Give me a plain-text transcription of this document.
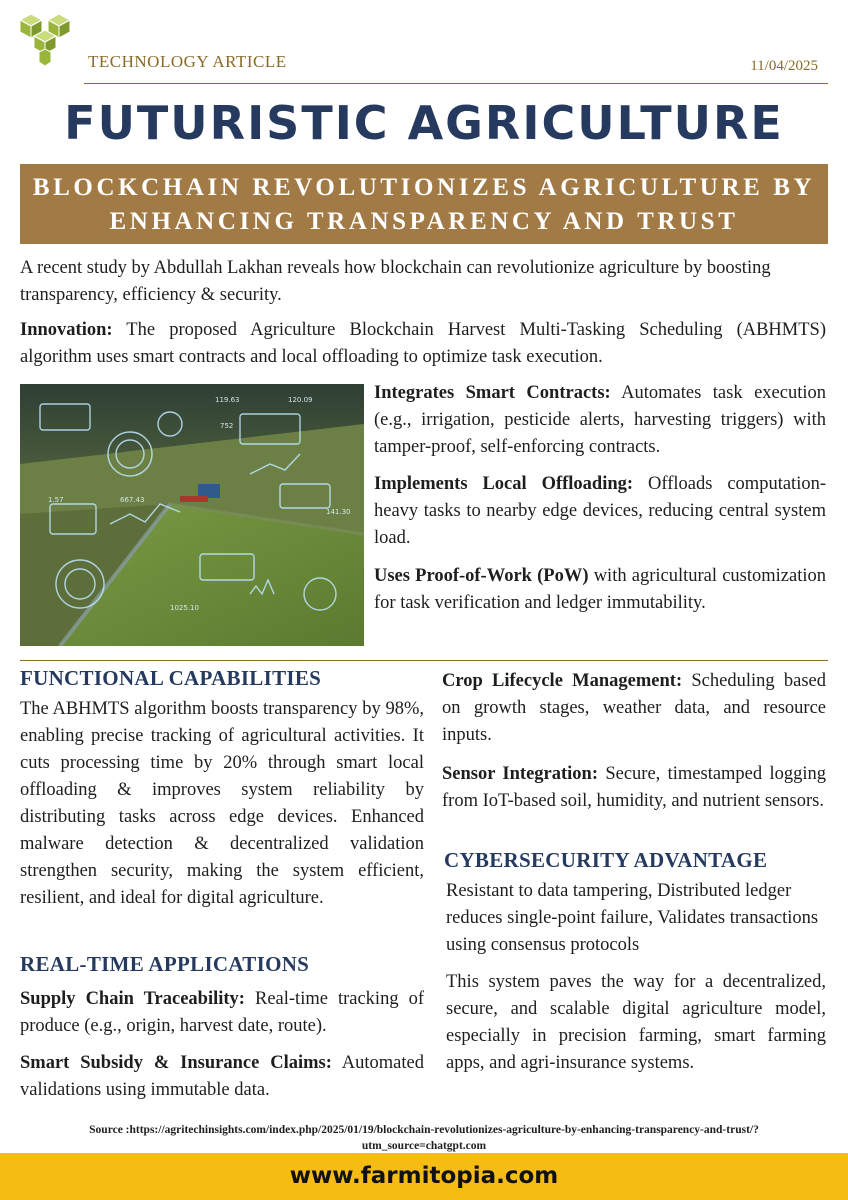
TECHNOLOGY ARTICLE	11/04/2025
FUTURISTIC AGRICULTURE
BLOCKCHAIN REVOLUTIONIZES AGRICULTURE BY
ENHANCING TRANSPARENCY AND TRUST

A recent study by Abdullah Lakhan reveals how blockchain can revolutionize agriculture by boosting transparency, efficiency & security.

Innovation: The proposed Agriculture Blockchain Harvest Multi-Tasking Scheduling (ABHMTS) algorithm uses smart contracts and local offloading to optimize task execution.

119.63	120.09
752
667.43
1.57
141.30
1025.10

Integrates Smart Contracts: Automates task execution (e.g., irrigation, pesticide alerts, harvesting triggers) with tamper-proof, self-enforcing contracts.

Implements Local Offloading: Offloads computation-heavy tasks to nearby edge devices, reducing central system load.

Uses Proof-of-Work (PoW) with agricultural customization for task verification and ledger immutability.

FUNCTIONAL CAPABILITIES

The ABHMTS algorithm boosts transparency by 98%, enabling precise tracking of agricultural activities. It cuts processing time by 20% through smart local offloading & improves system reliability by distributing tasks across edge devices. Enhanced malware detection & decentralized validation strengthen security, making the system efficient, resilient, and ideal for digital agriculture.

REAL-TIME APPLICATIONS

Supply Chain Traceability: Real-time tracking of produce (e.g., origin, harvest date, route).

Smart Subsidy & Insurance Claims: Automated validations using immutable data.

Crop Lifecycle Management: Scheduling based on growth stages, weather data, and resource inputs.

Sensor Integration: Secure, timestamped logging from IoT-based soil, humidity, and nutrient sensors.

CYBERSECURITY ADVANTAGE

Resistant to data tampering, Distributed ledger reduces single-point failure, Validates transactions using consensus protocols

This system paves the way for a decentralized, secure, and scalable digital agriculture model, especially in precision farming, smart farming apps, and agri-insurance systems.

Source :https://agritechinsights.com/index.php/2025/01/19/blockchain-revolutionizes-agriculture-by-enhancing-transparency-and-trust/?
utm_source=chatgpt.com
www.farmitopia.com
